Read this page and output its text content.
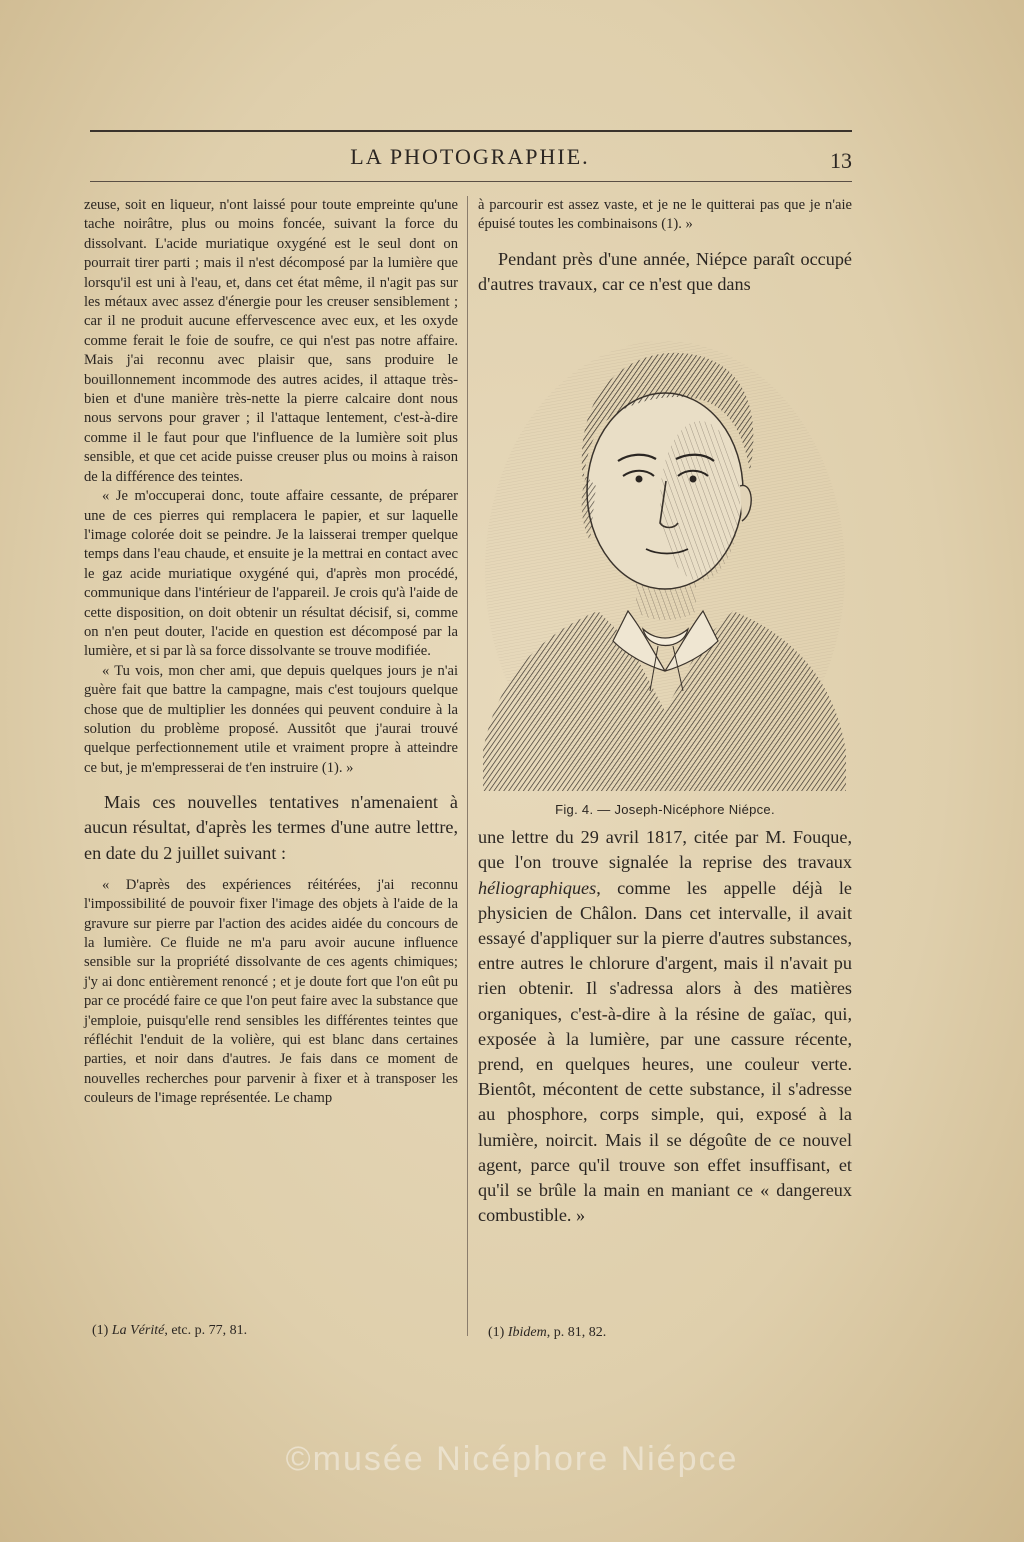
LA PHOTOGRAPHIE.	13

zeuse, soit en liqueur, n'ont laissé pour toute empreinte qu'une tache noirâtre, plus ou moins foncée, suivant la force du dissolvant. L'acide muriatique oxygéné est le seul dont on pourrait tirer parti ; mais il n'est décomposé par la lumière que lorsqu'il est uni à l'eau, et, dans cet état même, il n'agit pas sur les métaux avec assez d'énergie pour les creuser sensiblement ; car il ne produit aucune effervescence avec eux, et les oxyde comme ferait le foie de soufre, ce qui n'est pas notre affaire. Mais j'ai reconnu avec plaisir que, sans produire le bouillonnement incommode des autres acides, il attaque très-bien et d'une manière très-nette la pierre calcaire dont nous nous servons pour graver ; il l'attaque lentement, c'est-à-dire comme il le faut pour que l'influence de la lumière soit plus sensible, et que cet acide puisse creuser plus ou moins à raison de la différence des teintes.

« Je m'occuperai donc, toute affaire cessante, de préparer une de ces pierres qui remplacera le papier, et sur laquelle l'image colorée doit se peindre. Je la laisserai tremper quelque temps dans l'eau chaude, et ensuite je la mettrai en contact avec le gaz acide muriatique oxygéné qui, d'après mon procédé, communique dans l'intérieur de l'appareil. Je crois qu'à l'aide de cette disposition, on doit obtenir un résultat décisif, si, comme on n'en peut douter, l'acide en question est décomposé par la lumière, et si par là sa force dissolvante se trouve modifiée.

« Tu vois, mon cher ami, que depuis quelques jours je n'ai guère fait que battre la campagne, mais c'est toujours quelque chose que de multiplier les données qui peuvent conduire à la solution du problème proposé. Aussitôt que j'aurai trouvé quelque perfectionnement utile et vraiment propre à atteindre ce but, je m'empresserai de t'en instruire (1). »

Mais ces nouvelles tentatives n'amenaient à aucun résultat, d'après les termes d'une autre lettre, en date du 2 juillet suivant :

« D'après des expériences réitérées, j'ai reconnu l'impossibilité de pouvoir fixer l'image des objets à l'aide de la gravure sur pierre par l'action des acides aidée du concours de la lumière. Ce fluide ne m'a paru avoir aucune influence sensible sur la propriété dissolvante de ces agents chimiques; j'y ai donc entièrement renoncé ; et je doute fort que l'on eût pu par ce procédé faire ce que l'on peut faire avec la substance que j'emploie, puisqu'elle rend sensibles les différentes teintes que réfléchit l'enduit de la volière, qui est blanc dans certaines parties, et noir dans d'autres. Je fais dans ce moment de nouvelles recherches pour parvenir à fixer et à transposer les couleurs de l'image représentée. Le champ

à parcourir est assez vaste, et je ne le quitterai pas que je n'aie épuisé toutes les combinaisons (1). »

Pendant près d'une année, Niépce paraît occupé d'autres travaux, car ce n'est que dans

Fig. 4. — Joseph-Nicéphore Niépce.

une lettre du 29 avril 1817, citée par M. Fouque, que l'on trouve signalée la reprise des travaux héliographiques, comme les appelle déjà le physicien de Châlon. Dans cet intervalle, il avait essayé d'appliquer sur la pierre d'autres substances, entre autres le chlorure d'argent, mais il n'avait pu rien obtenir. Il s'adressa alors à des matières organiques, c'est-à-dire à la résine de gaïac, qui, exposée à la lumière, par une cassure récente, prend, en quelques heures, une couleur verte. Bientôt, mécontent de cette substance, il s'adresse au phosphore, corps simple, qui, exposé à la lumière, noircit. Mais il se dégoûte de ce nouvel agent, parce qu'il trouve son effet insuffisant, et qu'il se brûle la main en maniant ce « dangereux combustible. »

(1) La Vérité, etc. p. 77, 81.	(1) Ibidem, p. 81, 82.
©musée Nicéphore Niépce
